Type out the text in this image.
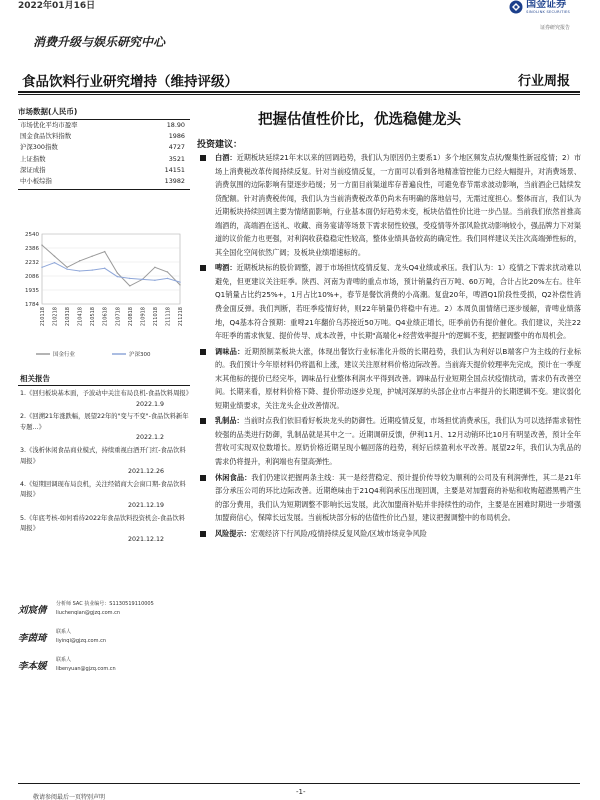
2022年01月16日	国金证券
SINOLINK SECURITIES
证券研究报告
消费升级与娱乐研究中心
食品饮料行业研究增持（维持评级）	行业周报
市场数据(人民币)
市场优化平均市盈率	18.90
国金食品饮料指数	1986
沪深300指数	4727
上证指数	3521
深证成指	14151
中小板综指	13982
2540
2386
2232
2086
1935
1784
210118 210218 210318 210418 210518 210618 210718 210818 210918 211018 211118 211218
国金行业	沪深300
相关报告
1.《回归板块基本面，予波动中关注布局良机-食品饮料周报》
2022.1.9
2.《回溯21年涨跌幅，展望22年的"变与不变"-食品饮料新年专题...》
2022.1.2
3.《浅析休闲食品商业模式，持续重视白酒开门红-食品饮料周报》
2021.12.26
4.《短期回调现布局良机，关注经销商大会窗口期-食品饮料周报》
2021.12.19
5.《年底考核-如何看待2022年食品饮料投资机会-食品饮料周报》
2021.12.12
刘宸倩
分析师 SAC 执业编号：S1130519110005
liuchenqian@gjzq.com.cn
李茵琦
联系人
liyinqi@gjzq.com.cn
李本媛
联系人
libenyuan@gjzq.com.cn
把握估值性价比，优选稳健龙头
投资建议：
白酒：近期板块延续21年末以来的回调趋势，我们认为原因仍主要系1）多个地区频发点状/聚集性新冠疫情；2）市场上消费税改革传闻持续反复。针对当前疫情反复，一方面可以看到各地精准管控能力已经大幅提升，对消费场景、消费氛围的边际影响有望逐步趋缓；另一方面目前渠道库存普遍良性，可避免春节需求波动影响，当前酒企已陆续发货配额。针对消费税传闻，我们认为当前消费税改革仍尚未有明确的落地信号，无需过度担心。整体而言，我们认为近期板块持续回调主要为情绪面影响，行业基本面仍好趋势未变，板块估值性价比进一步凸显。当前我们依然首推高端酒的，高端酒在送礼、收藏、商务宴请等场景下需求韧性较强，受疫情等外部风险扰动影响较小，强品牌力下对渠道的议价能力也更强，对利润收获稳稳定性较高，整体业绩具备较高的确定性。我们同样建议关注次高端弹性标的，其全国化空间依然广阔；及板块业绩增速标的。
啤酒：近期板块标的股价调整，源于市场担忧疫情反复、龙头Q4业绩或承压。我们认为：1）疫情之下需求扰动难以避免，但更建议关注旺季。陕西、河南为青啤的重点市场，预计销量约百万吨、60万吨，合计占比20%左右。往年Q1销量占比约25%+，1月占比10%+，春节是餐饮消费的小高潮。复盘20年，啤酒Q1阶段性受损，Q2补偿性消费金面反弹。我们判断，若旺季疫情好转，则22年销量仍将稳中有进。2）本周负面情绪已逐步缓解，青啤业绩落地，Q4基本符合预期：重啤21年翻价乌苏接近50万吨。Q4业绩正增长，旺季前仍有提价催化。我们建议，关注22年旺季的需求恢复、提价传导、成本改善，中长期"高端化+经营效率提升"的逻辑不变，把握调整中的布局机会。
调味品：近期预制菜板块大涨，体现出餐饮行业标准化升级的长期趋势，我们认为利好以B端客户为主线的行业标的。我们预计今年原材料仍将温和上涨，建议关注原材料价格边际改善。当前海天提价较理率先完成，预计在一季度末其他标的提价已经完毕，调味品行业整体利润水平得到改善。调味品行业短期全国点状疫情扰动，需求仍有改善空间。长期来看，原材料价格下降、提价带动逐步兑现，护城河深厚的头部企业市占率提升的长期逻辑不变。建议弱化短期业绩要求，关注龙头企业改善情况。
乳制品：当前时点我们依旧看好板块龙头的防御性。近期疫情反复，市场担忧消费承压，我们认为可以选择需求韧性较强的品类进行防御，乳制品就是其中之一。近期调研反馈，伊利11月、12月动销环比10月有明显改善，预计全年营收可实现双位数增长。原奶价格近期呈现小幅回落的趋势，利好后续盈利水平改善。展望22年，我们认为乳品的需求仍将提升，利润端也有望高弹性。
休闲食品：我们仍建议把握两条主线：其一是经营稳定、预计提价传导较为顺利的公司及有利润弹性，其二是21年部分承压公司的环比边际改善。近期绝味由于21Q4利润承压出现回调，主要是对加盟商的补贴和收购超潜黑鸭产生的部分费用，我们认为短期调整不影响长远发展，此次加盟商补贴并非持续性的动作，主要是在困难时期进一步增强加盟商信心，保障长远发展。当前板块部分标的估值性价比凸显，建议把握调整中的布局机会。
风险提示：宏观经济下行风险/疫情持续反复风险/区域市场竞争风险
敬请参阅最后一页特别声明
-1-
